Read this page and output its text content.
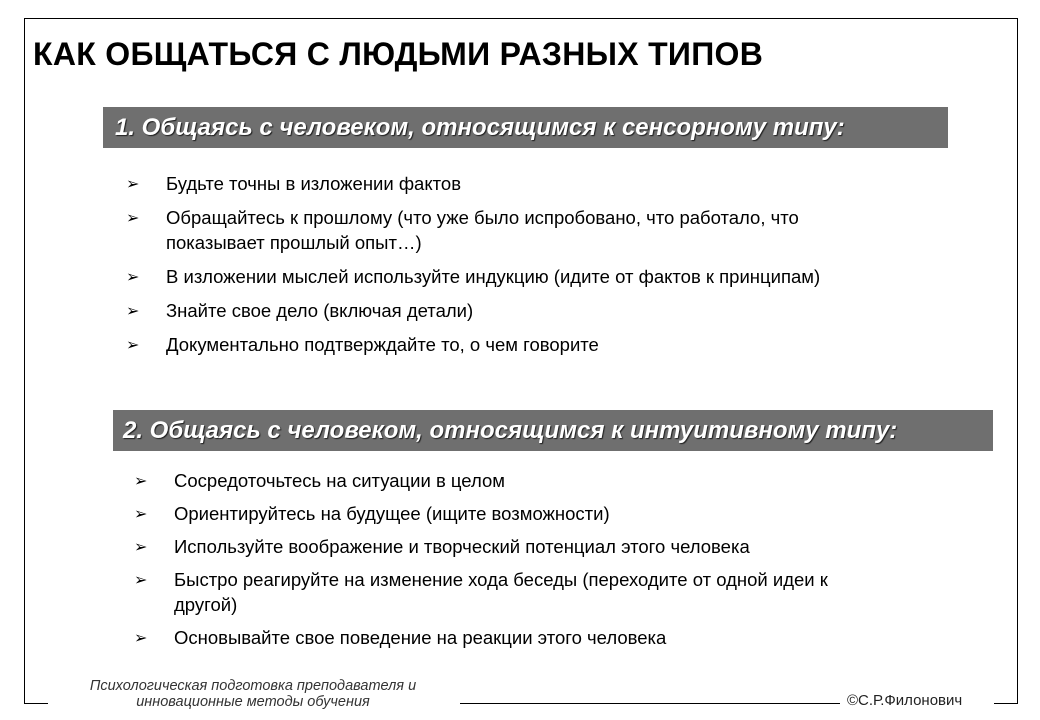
КАК ОБЩАТЬСЯ С ЛЮДЬМИ РАЗНЫХ ТИПОВ
1. Общаясь с человеком, относящимся к сенсорному типу:
➢ Будьте точны в изложении фактов
➢ Обращайтесь к прошлому (что уже было испробовано, что работало, что показывает прошлый опыт…)
➢ В изложении мыслей используйте индукцию (идите от фактов к принципам)
➢ Знайте свое дело (включая детали)
➢ Документально подтверждайте то, о чем говорите
2. Общаясь с человеком, относящимся к интуитивному типу:
➢ Сосредоточьтесь на ситуации в целом
➢ Ориентируйтесь на будущее (ищите возможности)
➢ Используйте воображение и творческий потенциал этого человека
➢ Быстро реагируйте на изменение хода беседы (переходите от одной идеи к другой)
➢ Основывайте свое поведение на реакции этого человека
Психологическая подготовка преподавателя и
инновационные методы обучения	©С.Р.Филонович
